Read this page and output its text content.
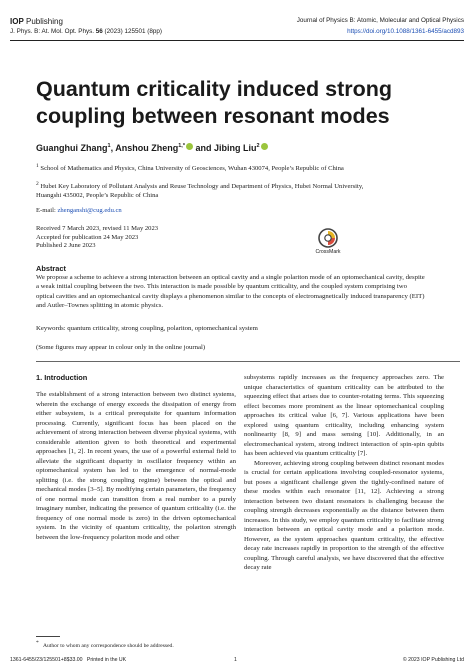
IOP Publishing	Journal of Physics B: Atomic, Molecular and Optical Physics
J. Phys. B: At. Mol. Opt. Phys. 56 (2023) 125501 (8pp)	https://doi.org/10.1088/1361-6455/acd893
Quantum criticality induced strong coupling between resonant modes
Guanghui Zhang$^1$, Anshou Zheng$^{1,*}$ and Jibing Liu$^2$
$^1$ School of Mathematics and Physics, China University of Geosciences, Wuhan 430074, People’s Republic of China
$^2$ Hubei Key Laboratory of Pollutant Analysis and Reuse Technology and Department of Physics, Hubei Normal University, Huangshi 435002, People’s Republic of China
E-mail: zhenganshi@cug.edu.cn
Received 7 March 2023, revised 11 May 2023
Accepted for publication 24 May 2023
Published 2 June 2023
CrossMark
Abstract
We propose a scheme to achieve a strong interaction between an optical cavity and a single polariton mode of an optomechanical cavity, despite a weak initial coupling between the two. This interaction is made possible by quantum criticality, and the coupled system comprising two optical cavities and an optomechanical cavity displays a phenomenon similar to the concepts of electromagnetically induced transparency (EIT) and Autler–Townes splitting in atomic physics.
Keywords: quantum criticality, strong coupling, polariton, optomechanical system
(Some figures may appear in colour only in the online journal)
1. Introduction

The establishment of a strong interaction between two distinct systems, wherein the exchange of energy exceeds the dissipation of energy from either subsystem, is a critical prerequisite for quantum information processing. Currently, significant focus has been placed on the achievement of strong interaction between diverse physical systems, with considerable attention given to both theoretical and experimental approaches [1, 2]. In recent years, the use of a powerful external field to alleviate the significant disparity in oscillator frequency within an optomechanical system has led to the emergence of normal-mode splitting (i.e. the strong coupling regime) between the optical and mechanical modes [3–5]. By modifying certain parameters, the frequency of one normal mode can transition from a real number to a purely imaginary number, indicating the presence of quantum criticality (i.e. the frequency of one normal mode is zero) in the driven optomechanical system. In the vicinity of quantum criticality, the polariton strength between the low-frequency polariton mode and other

subsystems rapidly increases as the frequency approaches zero. The unique characteristics of quantum criticality can be attributed to the squeezing effect that arises due to counter-rotating terms. This squeezing effect becomes more prominent as the linear optomechanical coupling approaches its critical value [6, 7]. Various applications have been explored using quantum criticality, including enhancing system nonlinearity [8, 9] and mass sensing [10]. Additionally, in an electromechanical system, strong indirect interaction of spin-spin qubits has been achieved via quantum criticality [7].

Moreover, achieving strong coupling between distinct resonant modes is crucial for certain applications involving coupled-resonator systems, but poses a significant challenge given the tightly-confined nature of these modes within each resonator [11, 12]. Achieving a strong interaction between two distant resonators is challenging because the coupling strength decreases exponentially as the distance between them increases. In this study, we employ quantum criticality to facilitate strong interaction between an optical cavity mode and a polariton mode. However, as the system approaches quantum criticality, the effective decay rate increases rapidly in proportion to the strength of the effective coupling. Through careful analysis, we have discovered that the effective decay rate

* Author to whom any correspondence should be addressed.
1361-6455/23/125501+8$33.00 Printed in the UK	1	© 2023 IOP Publishing Ltd
